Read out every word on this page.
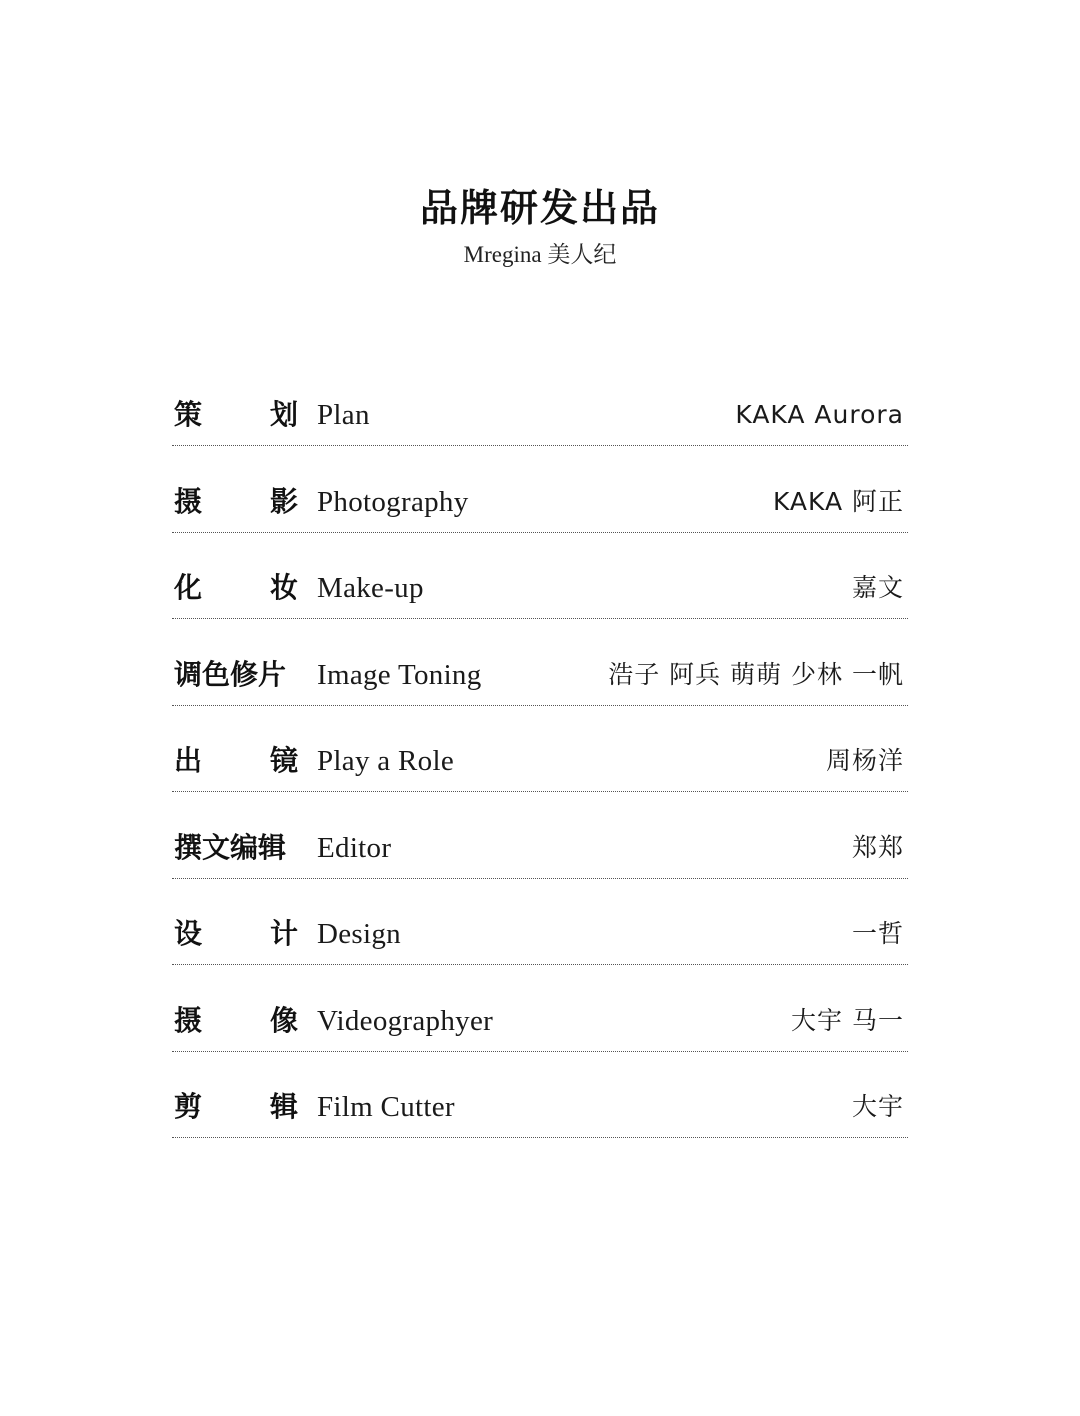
品牌研发出品
Mregina 美人纪
策 划 Plan	KAKA Aurora
摄 影 Photography	KAKA 阿正
化 妆 Make-up	嘉文
调色修片 Image Toning	浩子 阿兵 萌萌 少林 一帆
出 镜 Play a Role	周杨洋
撰文编辑 Editor	郑郑
设 计 Design	一哲
摄 像 Videographyer	大宇 马一
剪 辑 Film Cutter	大宇
